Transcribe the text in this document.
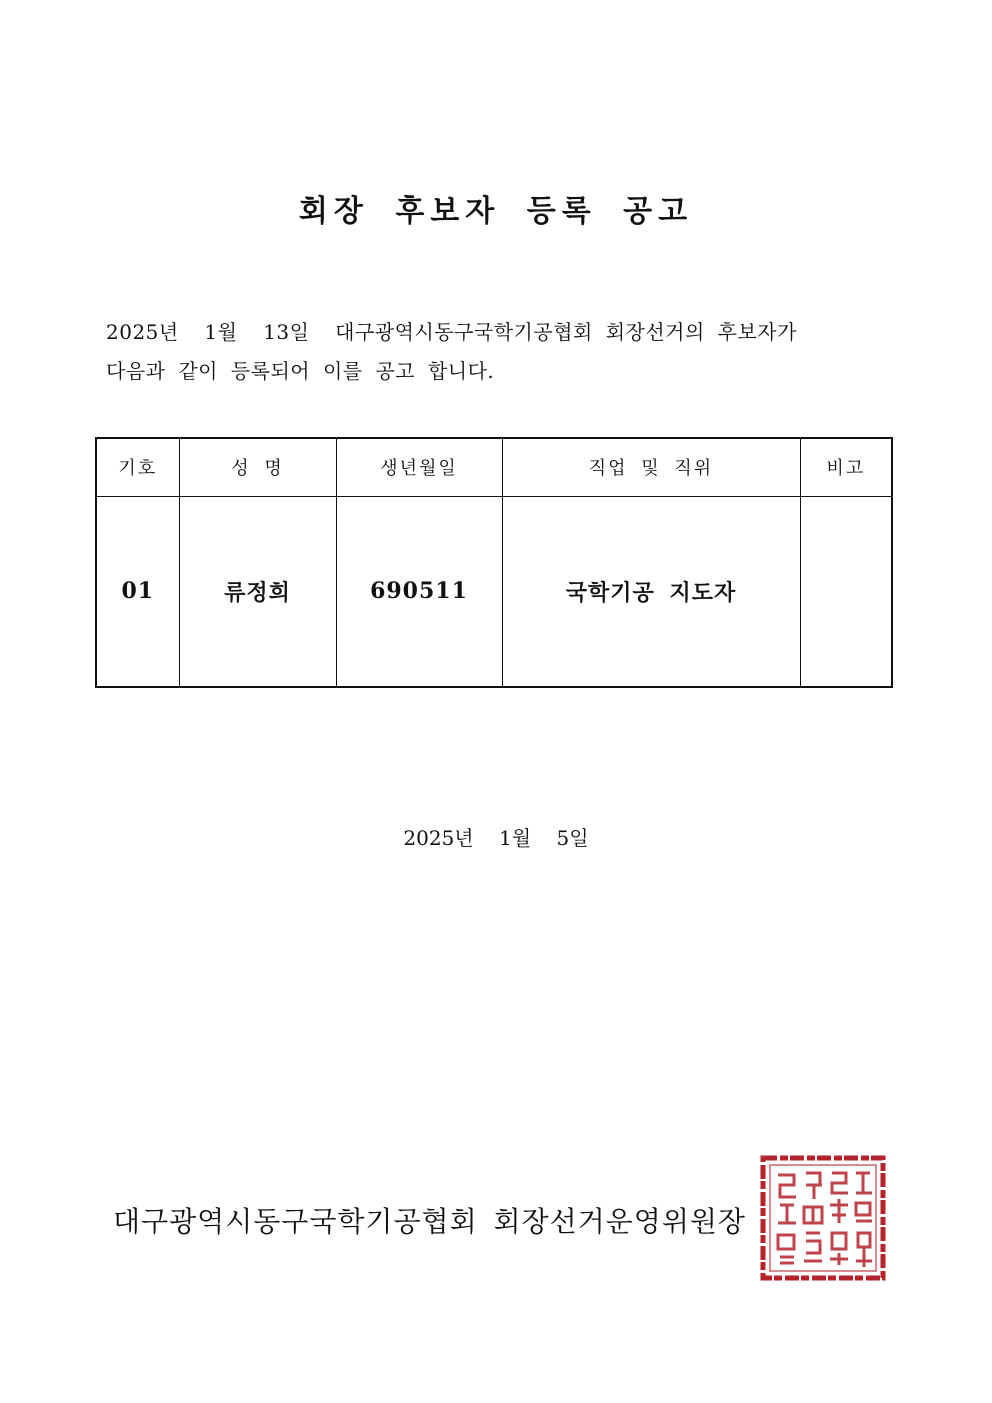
회장 후보자 등록 공고

2025년  1월  13일  대구광역시동구국학기공협회 회장선거의 후보자가

다음과 같이 등록되어 이를 공고 합니다.

기호	성 명	생년월일	직업 및 직위	비고
01	류정희	690511	국학기공 지도자	
2025년    1월    5일
대구광역시동구국학기공협회 회장선거운영위원장
